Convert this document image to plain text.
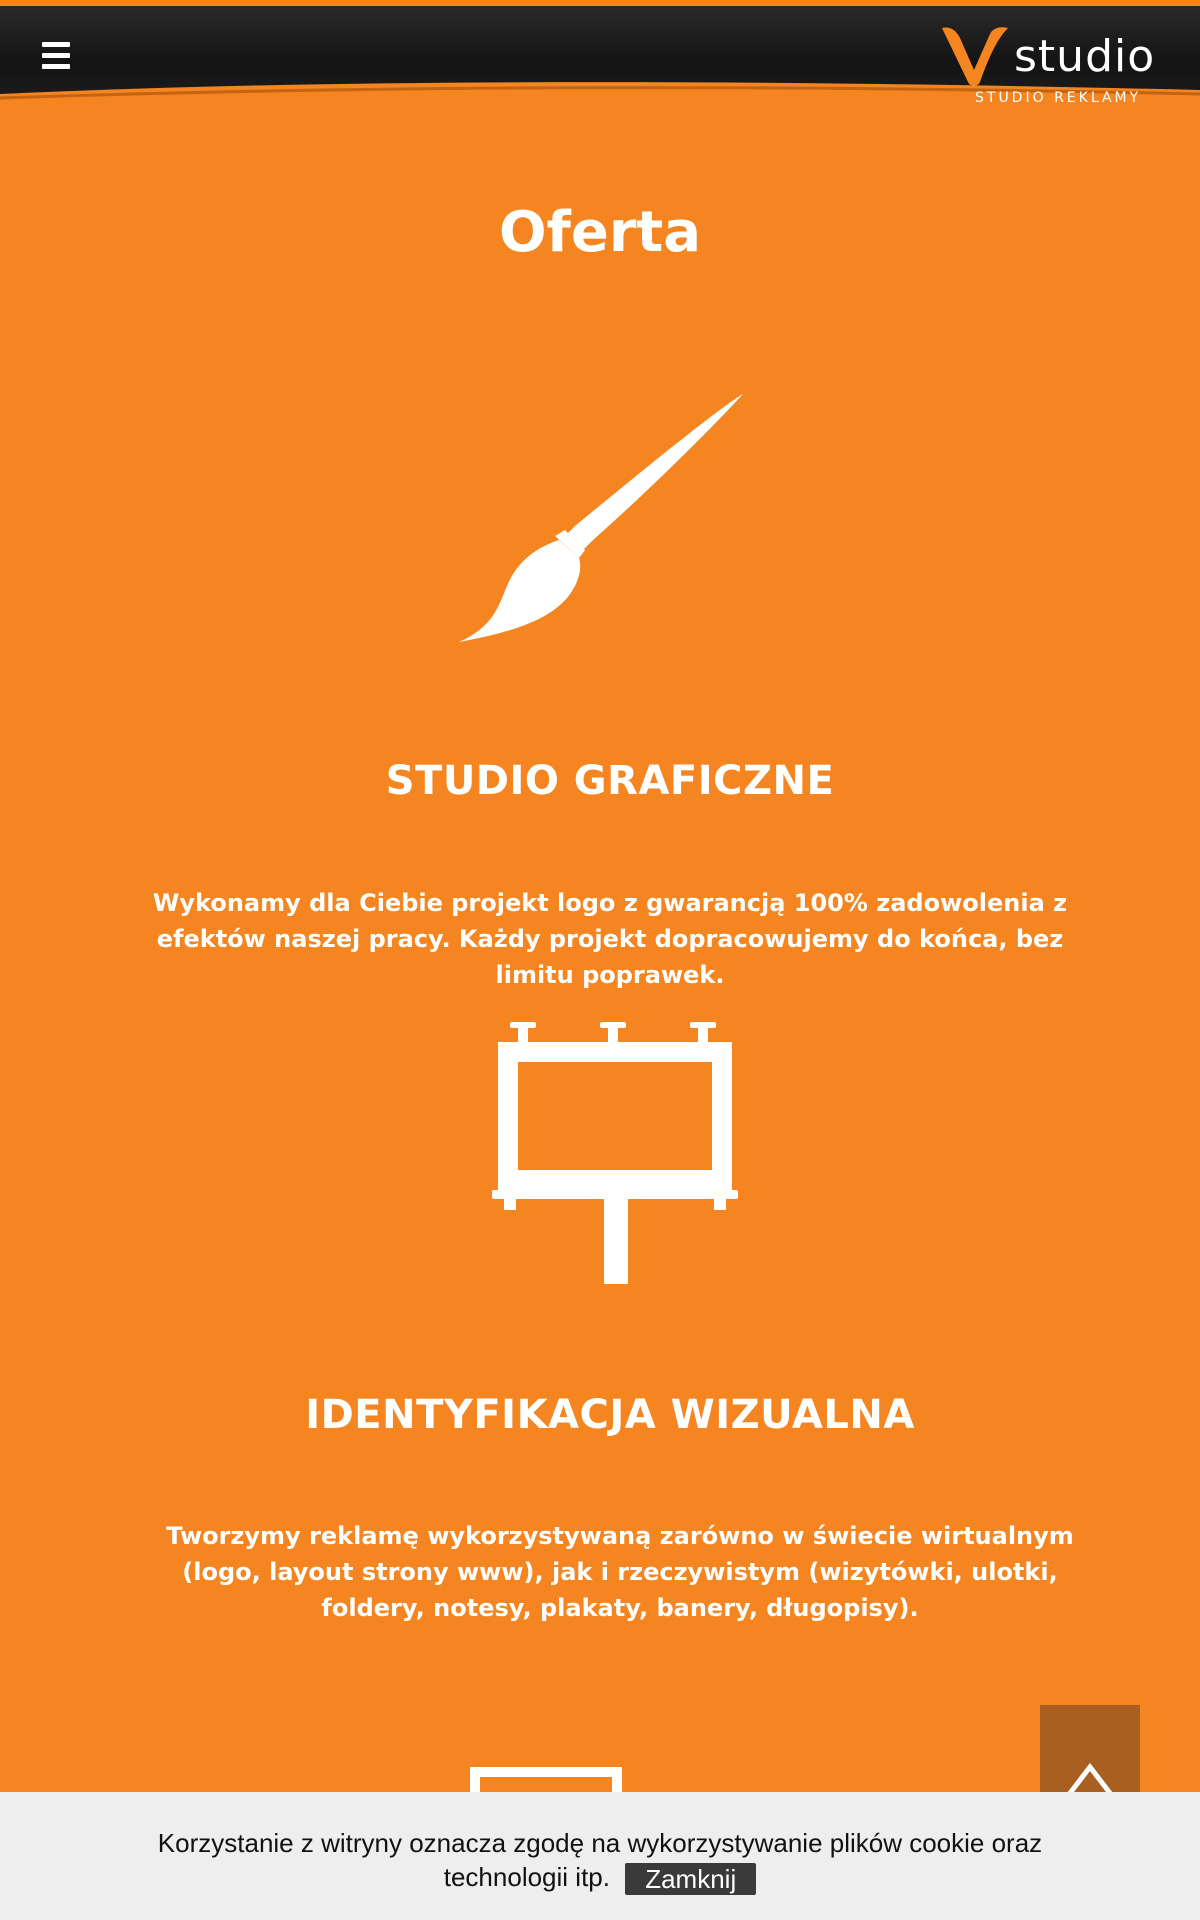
studio
STUDIO REKLAMY
Oferta
STUDIO GRAFICZNE
Wykonamy dla Ciebie projekt logo z gwarancją 100% zadowolenia z efektów naszej pracy. Każdy projekt dopracowujemy do końca, bez limitu poprawek.
IDENTYFIKACJA WIZUALNA
Tworzymy reklamę wykorzystywaną zarówno w świecie wirtualnym (logo, layout strony www), jak i rzeczywistym (wizytówki, ulotki, foldery, notesy, plakaty, banery, długopisy).
Korzystanie z witryny oznacza zgodę na wykorzystywanie plików cookie oraz technologii itp. Zamknij
